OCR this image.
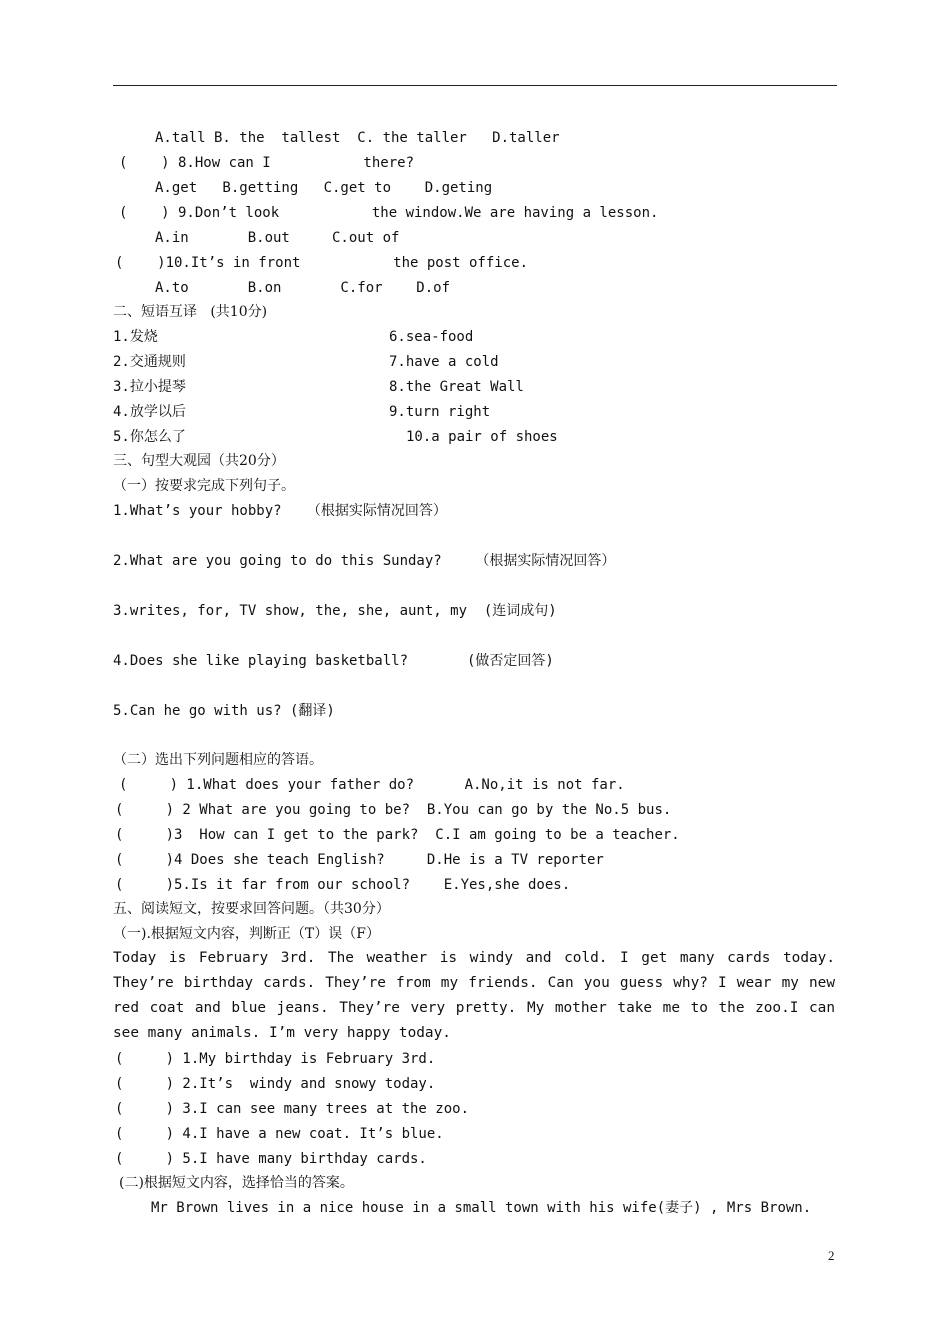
A.tall B. the  tallest  C. the taller   D.taller
(    ) 8.How can I           there?
A.get   B.getting   C.get to    D.geting
(    ) 9.Don’t look           the window.We are having a lesson.
A.in       B.out     C.out of
(    )10.It’s in front           the post office.
A.to       B.on       C.for    D.of
二、短语互译   (共10分)
1.发烧
2.交通规则
3.拉小提琴
4.放学以后
5.你怎么了
6.sea-food
7.have a cold
8.the Great Wall
9.turn right
10.a pair of shoes
三、句型大观园（共20分）
（一）按要求完成下列句子。
1.What’s your hobby?   （根据实际情况回答）
2.What are you going to do this Sunday?    （根据实际情况回答）
3.writes, for, TV show, the, she, aunt, my  (连词成句)
4.Does she like playing basketball?       (做否定回答)
5.Can he go with us? (翻译)
（二）选出下列问题相应的答语。
(     ) 1.What does your father do?      A.No,it is not far.
(     ) 2 What are you going to be?  B.You can go by the No.5 bus.
(     )3  How can I get to the park?  C.I am going to be a teacher.
(     )4 Does she teach English?     D.He is a TV reporter
(     )5.Is it far from our school?    E.Yes,she does.
五、阅读短文，按要求回答问题。（共30分）
（一).根据短文内容，判断正（T）误（F）
Today is February 3rd. The weather is windy and cold. I get many cards today. They’re birthday cards. They’re from my friends. Can you guess why? I wear my new red coat and blue jeans. They’re very pretty. My mother take me to the zoo.I can see many animals. I’m very happy today.
(     ) 1.My birthday is February 3rd.
(     ) 2.It’s  windy and snowy today.
(     ) 3.I can see many trees at the zoo.
(     ) 4.I have a new coat. It’s blue.
(     ) 5.I have many birthday cards.
(二)根据短文内容，选择恰当的答案。
Mr Brown lives in a nice house in a small town with his wife(妻子) , Mrs Brown.
2
